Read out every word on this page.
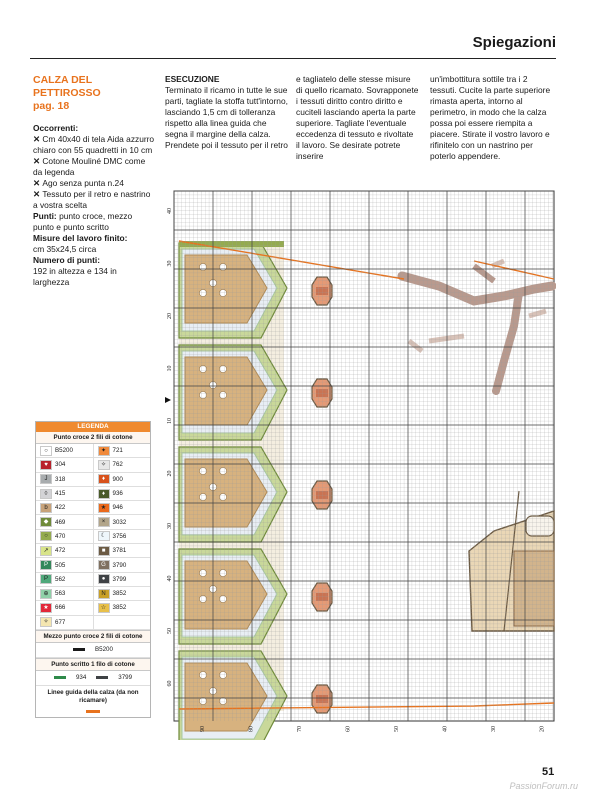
Spiegazioni
CALZA DEL PETTIROSSO
pag. 18
Occorrenti:
✕ Cm 40x40 di tela Aida azzurro chiaro con 55 quadretti in 10 cm
✕ Cotone Mouliné DMC come da legenda
✕ Ago senza punta n.24
✕ Tessuto per il retro e nastrino a vostra scelta
Punti: punto croce, mezzo punto e punto scritto
Misure del lavoro finito:
cm 35x24,5 circa
Numero di punti:
192 in altezza e 134 in larghezza
ESECUZIONE
Terminato il ricamo in tutte le sue parti, tagliate la stoffa tutt'intorno, lasciando 1,5 cm di tolleranza rispetto alla linea guida che segna il margine della calza. Prendete poi il tessuto per il retro
e tagliatelo delle stesse misure di quello ricamato. Sovrapponete i tessuti diritto contro diritto e cuciteli lasciando aperta la parte superiore. Tagliate l'eventuale eccedenza di tessuto e rivoltate il lavoro. Se desirate potrete inserire
un'imbottitura sottile tra i 2 tessuti. Cucite la parte superiore rimasta aperta, intorno al perimetro, in modo che la calza possa poi essere riempita a piacere. Stirate il vostro lavoro e rifinitelo con un nastrino per poterlo appendere.
LEGENDA
Punto croce 2 fili di cotone
○	B5200	✦	721
♥	304	✧	762
J	318	♦	900
◊	415	♦	936
b	422	★	946
◆	469	×	3032
○	470	☾	3756
↗	472	■	3781
P	505	G	3790
P	562	●	3799
⊕	563	N	3852
★	666	☆	3852
✧	677
Mezzo punto croce 2 fili di cotone
B5200
Punto scritto 1 filo di cotone
934	3799
Linee guida della calza (da non ricamare)
40
30
20
10
10
20
30
40
50
60
90	80	70	60	50	40	30	20
51
PassionForum.ru
